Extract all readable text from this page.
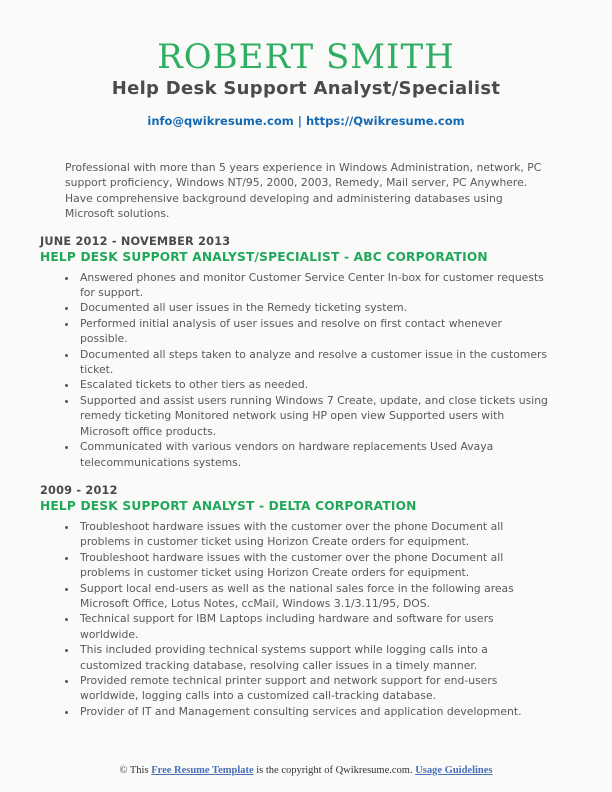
ROBERT SMITH
Help Desk Support Analyst/Specialist
info@qwikresume.com | https://Qwikresume.com

Professional with more than 5 years experience in Windows Administration, network, PC support proficiency, Windows NT/95, 2000, 2003, Remedy, Mail server, PC Anywhere. Have comprehensive background developing and administering databases using Microsoft solutions.

JUNE 2012 - NOVEMBER 2013
HELP DESK SUPPORT ANALYST/SPECIALIST - ABC CORPORATION
• Answered phones and monitor Customer Service Center In-box for customer requests for support.
• Documented all user issues in the Remedy ticketing system.
• Performed initial analysis of user issues and resolve on first contact whenever possible.
• Documented all steps taken to analyze and resolve a customer issue in the customers ticket.
• Escalated tickets to other tiers as needed.
• Supported and assist users running Windows 7 Create, update, and close tickets using remedy ticketing Monitored network using HP open view Supported users with Microsoft office products.
• Communicated with various vendors on hardware replacements Used Avaya telecommunications systems.
2009 - 2012
HELP DESK SUPPORT ANALYST - DELTA CORPORATION
• Troubleshoot hardware issues with the customer over the phone Document all problems in customer ticket using Horizon Create orders for equipment.
• Troubleshoot hardware issues with the customer over the phone Document all problems in customer ticket using Horizon Create orders for equipment.
• Support local end-users as well as the national sales force in the following areas Microsoft Office, Lotus Notes, ccMail, Windows 3.1/3.11/95, DOS.
• Technical support for IBM Laptops including hardware and software for users worldwide.
• This included providing technical systems support while logging calls into a customized tracking database, resolving caller issues in a timely manner.
• Provided remote technical printer support and network support for end-users worldwide, logging calls into a customized call-tracking database.
• Provider of IT and Management consulting services and application development.
© This Free Resume Template is the copyright of Qwikresume.com. Usage Guidelines
